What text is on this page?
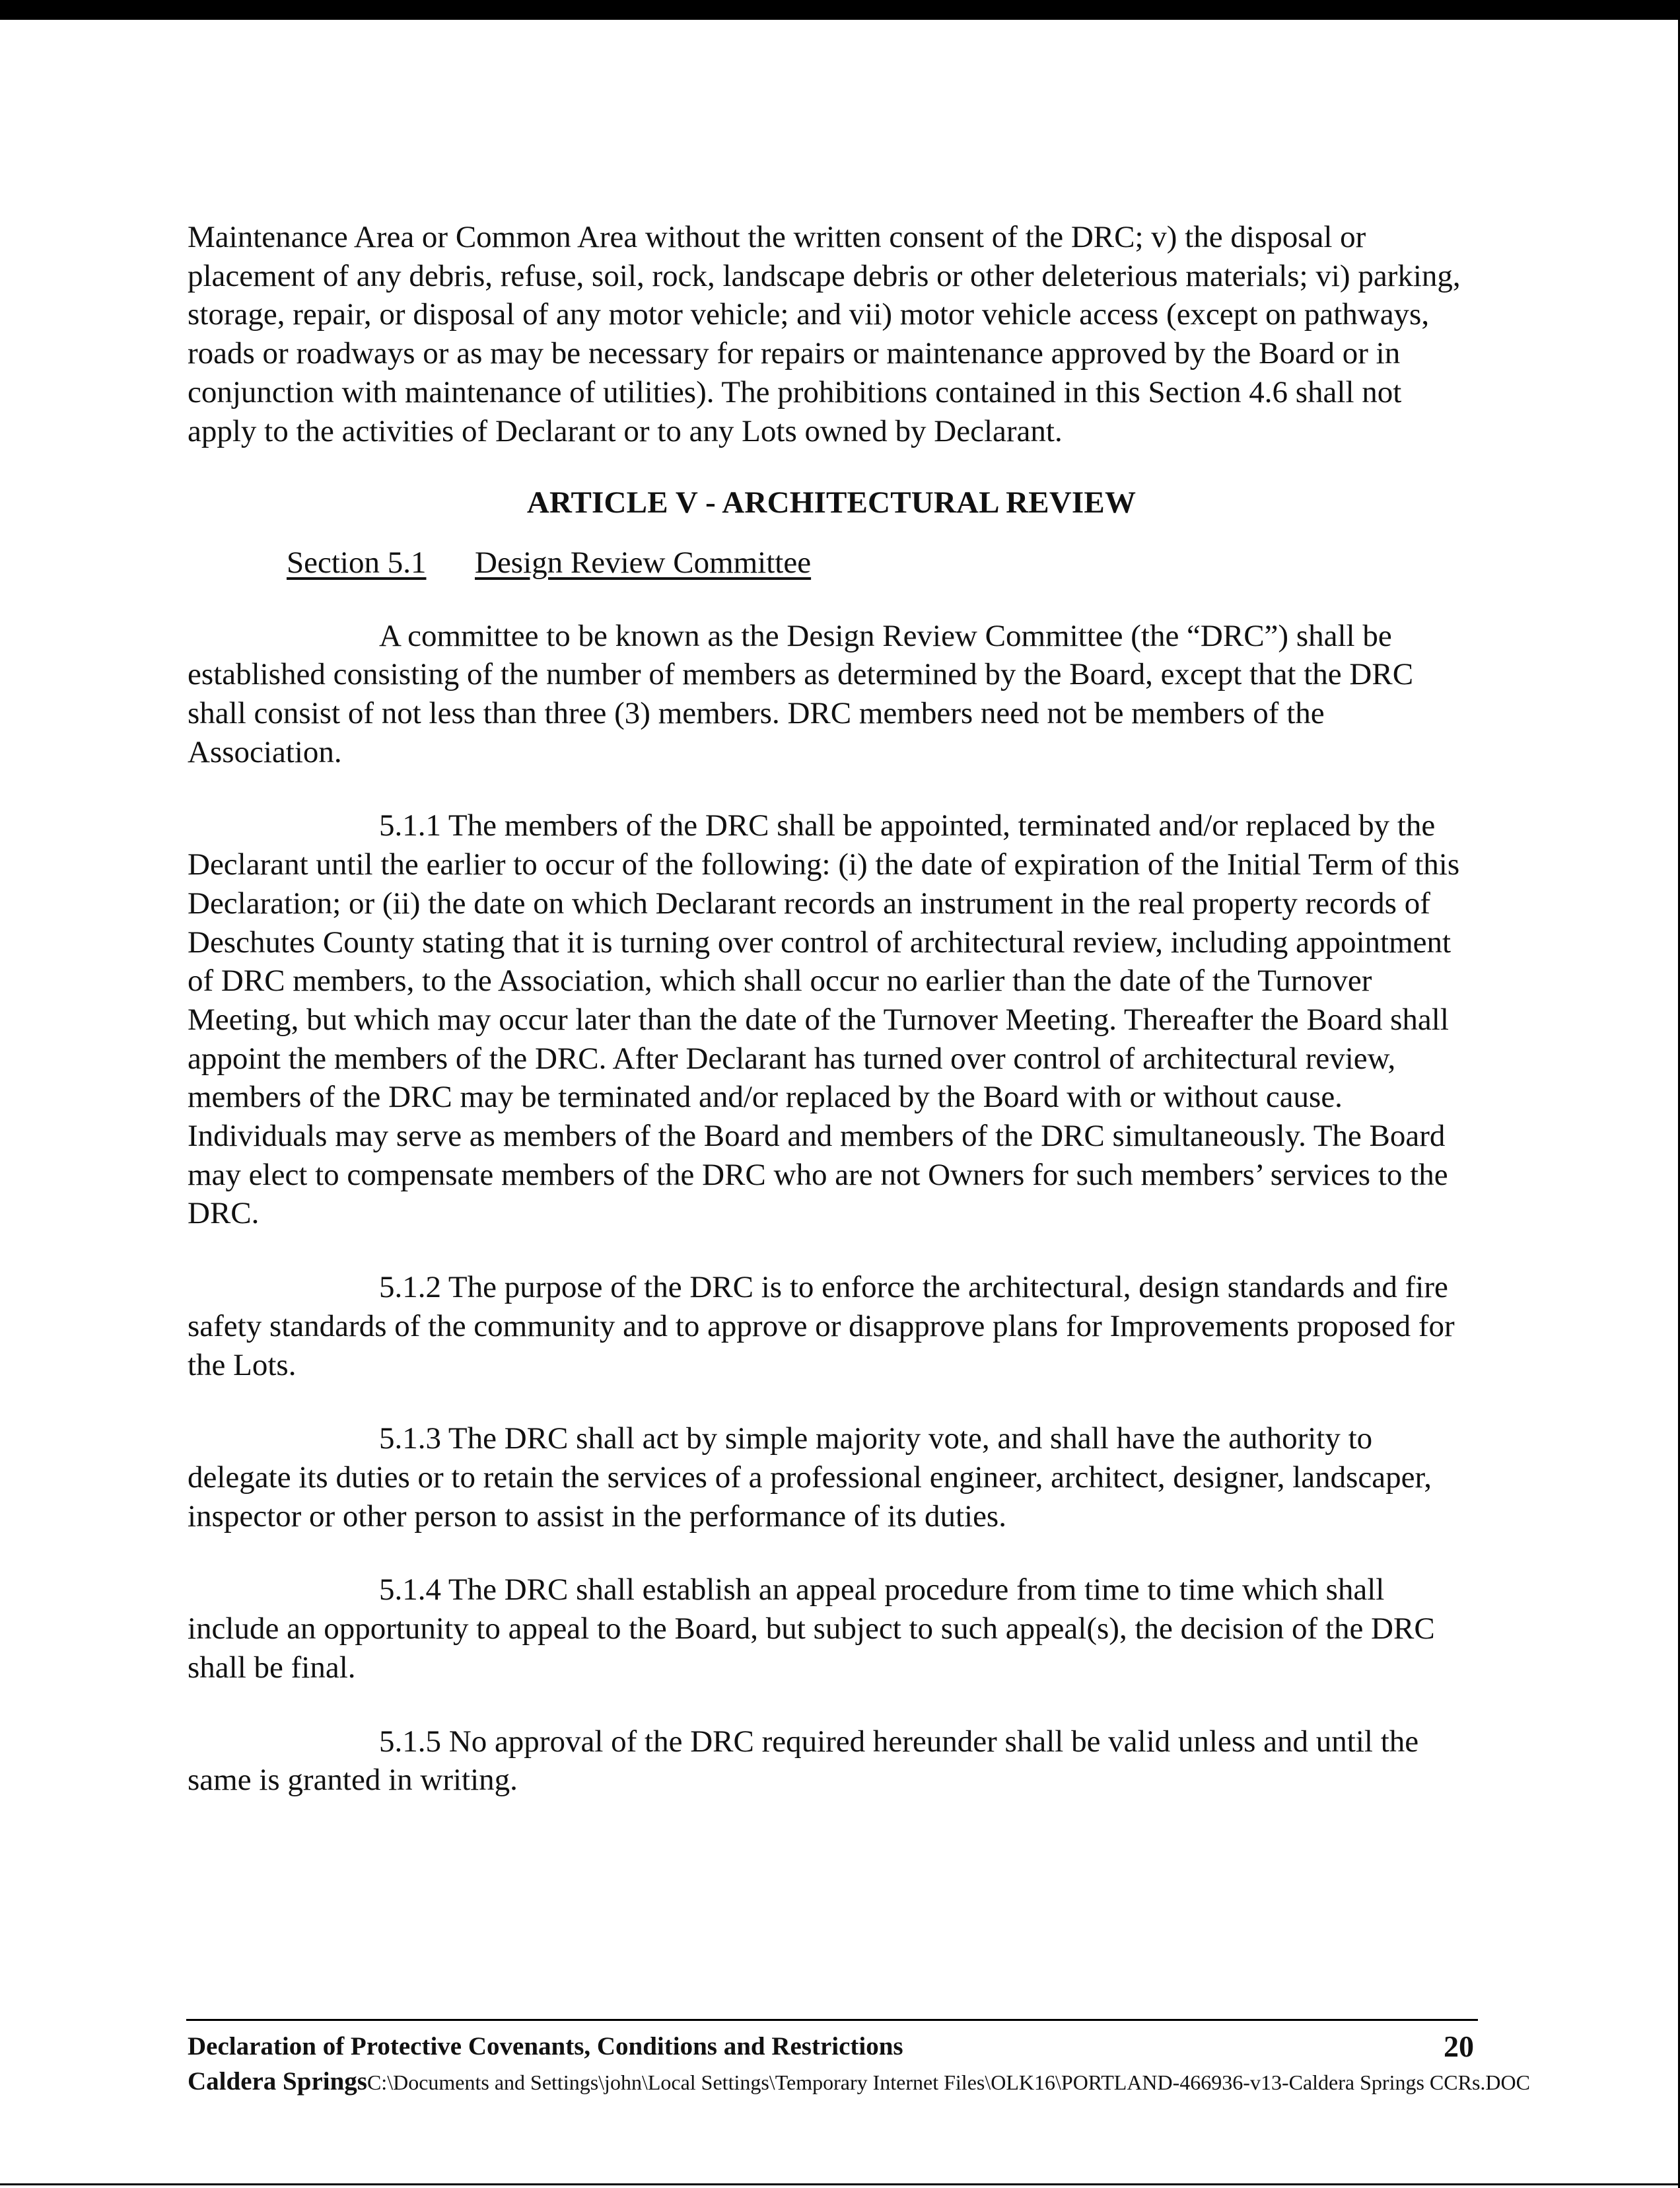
Maintenance Area or Common Area without the written consent of the DRC; v) the disposal or placement of any debris, refuse, soil, rock, landscape debris or other deleterious materials; vi) parking, storage, repair, or disposal of any motor vehicle; and vii) motor vehicle access (except on pathways, roads or roadways or as may be necessary for repairs or maintenance approved by the Board or in conjunction with maintenance of utilities). The prohibitions contained in this Section 4.6 shall not apply to the activities of Declarant or to any Lots owned by Declarant.

ARTICLE V - ARCHITECTURAL REVIEW

Section 5.1 Design Review Committee

A committee to be known as the Design Review Committee (the “DRC”) shall be established consisting of the number of members as determined by the Board, except that the DRC shall consist of not less than three (3) members. DRC members need not be members of the Association.

5.1.1 The members of the DRC shall be appointed, terminated and/or replaced by the Declarant until the earlier to occur of the following: (i) the date of expiration of the Initial Term of this Declaration; or (ii) the date on which Declarant records an instrument in the real property records of Deschutes County stating that it is turning over control of architectural review, including appointment of DRC members, to the Association, which shall occur no earlier than the date of the Turnover Meeting, but which may occur later than the date of the Turnover Meeting. Thereafter the Board shall appoint the members of the DRC. After Declarant has turned over control of architectural review, members of the DRC may be terminated and/or replaced by the Board with or without cause. Individuals may serve as members of the Board and members of the DRC simultaneously. The Board may elect to compensate members of the DRC who are not Owners for such members’ services to the DRC.

5.1.2 The purpose of the DRC is to enforce the architectural, design standards and fire safety standards of the community and to approve or disapprove plans for Improvements proposed for the Lots.

5.1.3 The DRC shall act by simple majority vote, and shall have the authority to delegate its duties or to retain the services of a professional engineer, architect, designer, landscaper, inspector or other person to assist in the performance of its duties.

5.1.4 The DRC shall establish an appeal procedure from time to time which shall include an opportunity to appeal to the Board, but subject to such appeal(s), the decision of the DRC shall be final.

5.1.5 No approval of the DRC required hereunder shall be valid unless and until the same is granted in writing.

Declaration of Protective Covenants, Conditions and Restrictions	20
Caldera SpringsC:\Documents and Settings\john\Local Settings\Temporary Internet Files\OLK16\PORTLAND-466936-v13-Caldera Springs CCRs.DOC
